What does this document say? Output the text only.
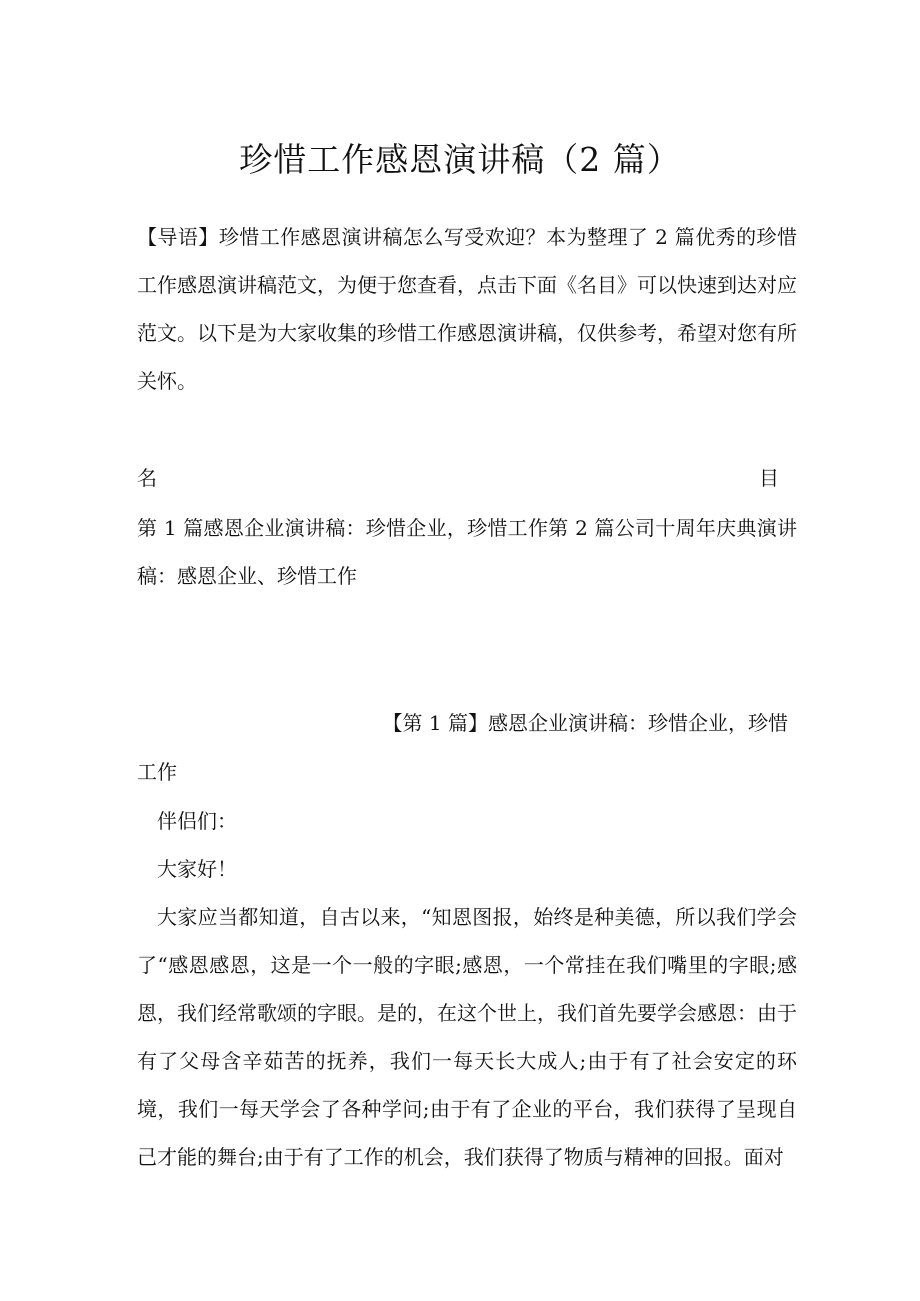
珍惜工作感恩演讲稿（2 篇）

【导语】珍惜工作感恩演讲稿怎么写受欢迎？本为整理了 2 篇优秀的珍惜工作感恩演讲稿范文，为便于您查看，点击下面《名目》可以快速到达对应范文。以下是为大家收集的珍惜工作感恩演讲稿，仅供参考，希望对您有所关怀。

名	目

第 1 篇感恩企业演讲稿：珍惜企业，珍惜工作第 2 篇公司十周年庆典演讲稿：感恩企业、珍惜工作

【第 1 篇】感恩企业演讲稿：珍惜企业，珍惜
工作

伴侣们：

大家好！

大家应当都知道，自古以来，“知恩图报，始终是种美德，所以我们学会了“感恩感恩，这是一个一般的字眼;感恩，一个常挂在我们嘴里的字眼;感恩，我们经常歌颂的字眼。是的，在这个世上，我们首先要学会感恩：由于有了父母含辛茹苦的抚养，我们一每天长大成人;由于有了社会安定的环境，我们一每天学会了各种学问;由于有了企业的平台，我们获得了呈现自己才能的舞台;由于有了工作的机会，我们获得了物质与精神的回报。面对
